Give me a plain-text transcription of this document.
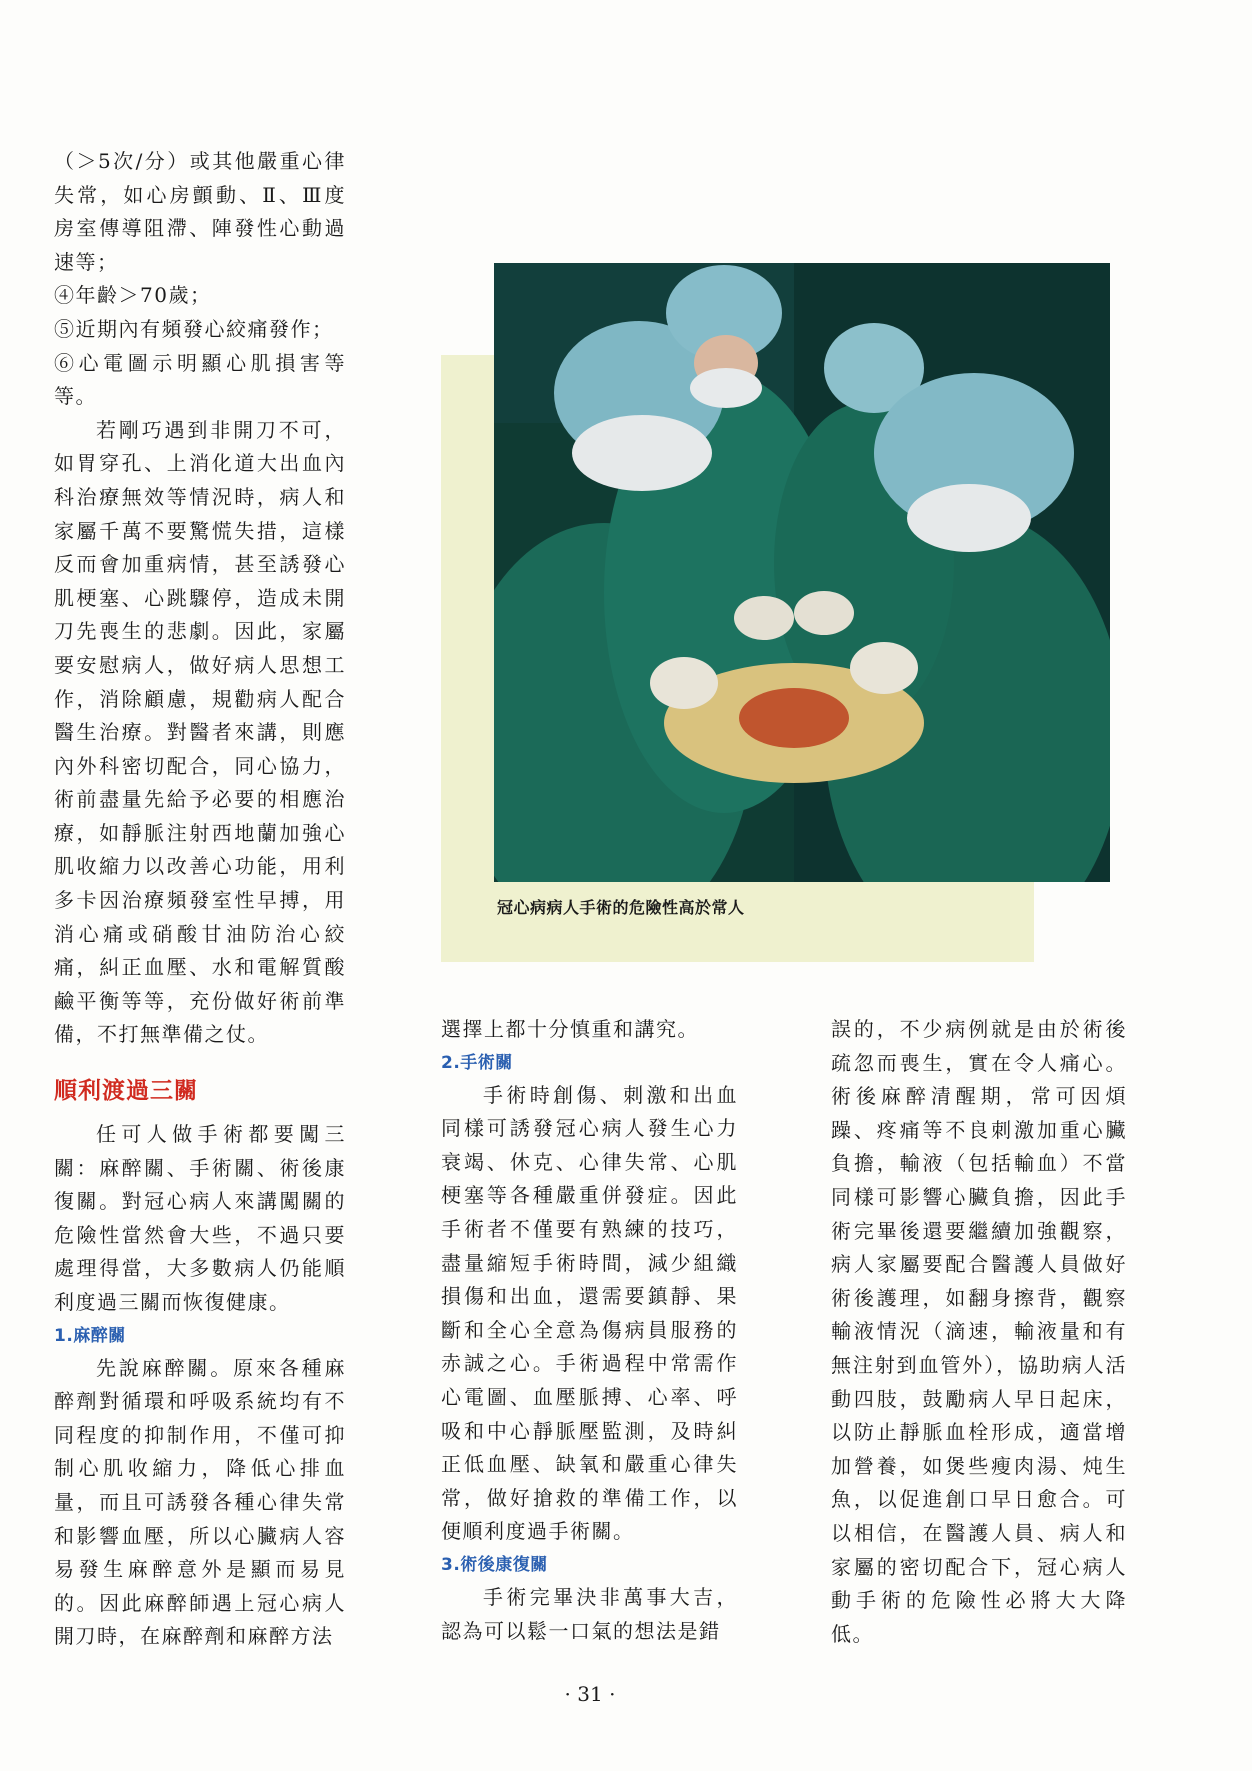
（＞5次/分）或其他嚴重心律失常，如心房顫動、Ⅱ、Ⅲ度房室傳導阻滯、陣發性心動過速等；

④年齡＞70歲；

⑤近期內有頻發心絞痛發作；

⑥心電圖示明顯心肌損害等等。

若剛巧遇到非開刀不可，如胃穿孔、上消化道大出血內科治療無效等情況時，病人和家屬千萬不要驚慌失措，這樣反而會加重病情，甚至誘發心肌梗塞、心跳驟停，造成未開刀先喪生的悲劇。因此，家屬要安慰病人，做好病人思想工作，消除顧慮，規勸病人配合醫生治療。對醫者來講，則應內外科密切配合，同心協力，術前盡量先給予必要的相應治療，如靜脈注射西地蘭加強心肌收縮力以改善心功能，用利多卡因治療頻發室性早搏，用消心痛或硝酸甘油防治心絞痛，糾正血壓、水和電解質酸鹼平衡等等，充份做好術前準備，不打無準備之仗。

順利渡過三關

任可人做手術都要闖三關：麻醉關、手術關、術後康復關。對冠心病人來講闖關的危險性當然會大些，不過只要處理得當，大多數病人仍能順利度過三關而恢復健康。

1.麻醉關

先說麻醉關。原來各種麻醉劑對循環和呼吸系統均有不同程度的抑制作用，不僅可抑制心肌收縮力，降低心排血量，而且可誘發各種心律失常和影響血壓，所以心臟病人容易發生麻醉意外是顯而易見的。因此麻醉師遇上冠心病人開刀時，在麻醉劑和麻醉方法

冠心病病人手術的危險性高於常人

選擇上都十分慎重和講究。

2.手術關

手術時創傷、刺激和出血同樣可誘發冠心病人發生心力衰竭、休克、心律失常、心肌梗塞等各種嚴重併發症。因此手術者不僅要有熟練的技巧，盡量縮短手術時間，減少組織損傷和出血，還需要鎮靜、果斷和全心全意為傷病員服務的赤誠之心。手術過程中常需作心電圖、血壓脈搏、心率、呼吸和中心靜脈壓監測，及時糾正低血壓、缺氧和嚴重心律失常，做好搶救的準備工作，以便順利度過手術關。

3.術後康復關

手術完畢決非萬事大吉，認為可以鬆一口氣的想法是錯

誤的，不少病例就是由於術後疏忽而喪生，實在令人痛心。術後麻醉清醒期，常可因煩躁、疼痛等不良刺激加重心臟負擔，輸液（包括輸血）不當同樣可影響心臟負擔，因此手術完畢後還要繼續加強觀察，病人家屬要配合醫護人員做好術後護理，如翻身擦背，觀察輸液情況（滴速，輸液量和有無注射到血管外），協助病人活動四肢，鼓勵病人早日起床，以防止靜脈血栓形成，適當增加營養，如煲些瘦肉湯、炖生魚，以促進創口早日愈合。可以相信，在醫護人員、病人和家屬的密切配合下，冠心病人動手術的危險性必將大大降低。

· 31 ·
